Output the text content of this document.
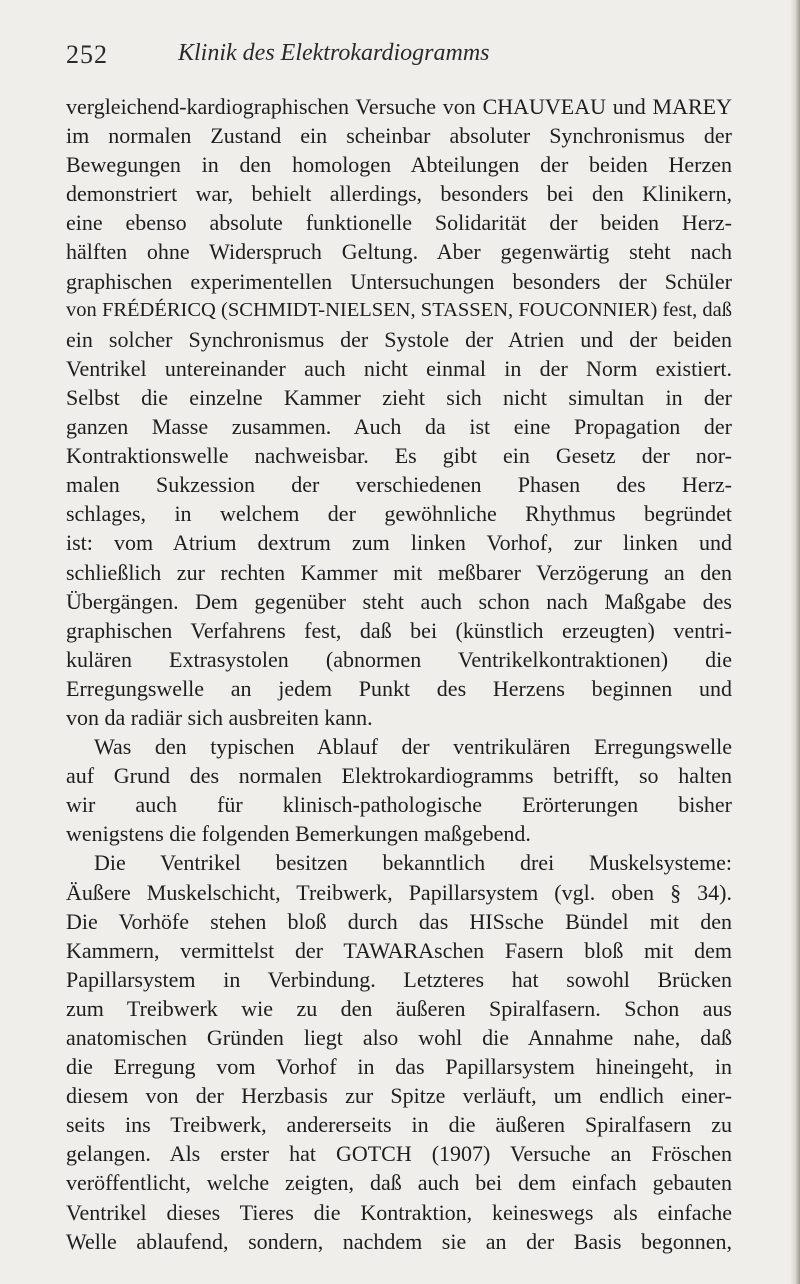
252	Klinik des Elektrokardiogramms
vergleichend-kardiographischen Versuche von CHAUVEAU und MAREY
im normalen Zustand ein scheinbar absoluter Synchronismus der
Bewegungen in den homologen Abteilungen der beiden Herzen
demonstriert war, behielt allerdings, besonders bei den Klinikern,
eine ebenso absolute funktionelle Solidarität der beiden Herz-
hälften ohne Widerspruch Geltung. Aber gegenwärtig steht nach
graphischen experimentellen Untersuchungen besonders der Schüler
von FRÉDÉRICQ (SCHMIDT-NIELSEN, STASSEN, FOUCONNIER) fest, daß
ein solcher Synchronismus der Systole der Atrien und der beiden
Ventrikel untereinander auch nicht einmal in der Norm existiert.
Selbst die einzelne Kammer zieht sich nicht simultan in der
ganzen Masse zusammen. Auch da ist eine Propagation der
Kontraktionswelle nachweisbar. Es gibt ein Gesetz der nor-
malen Sukzession der verschiedenen Phasen des Herz-
schlages, in welchem der gewöhnliche Rhythmus begründet
ist: vom Atrium dextrum zum linken Vorhof, zur linken und
schließlich zur rechten Kammer mit meßbarer Verzögerung an den
Übergängen. Dem gegenüber steht auch schon nach Maßgabe des
graphischen Verfahrens fest, daß bei (künstlich erzeugten) ventri-
kulären Extrasystolen (abnormen Ventrikelkontraktionen) die
Erregungswelle an jedem Punkt des Herzens beginnen und
von da radiär sich ausbreiten kann.
Was den typischen Ablauf der ventrikulären Erregungswelle
auf Grund des normalen Elektrokardiogramms betrifft, so halten
wir auch für klinisch-pathologische Erörterungen bisher
wenigstens die folgenden Bemerkungen maßgebend.
Die Ventrikel besitzen bekanntlich drei Muskelsysteme:
Äußere Muskelschicht, Treibwerk, Papillarsystem (vgl. oben § 34).
Die Vorhöfe stehen bloß durch das HISsche Bündel mit den
Kammern, vermittelst der TAWARAschen Fasern bloß mit dem
Papillarsystem in Verbindung. Letzteres hat sowohl Brücken
zum Treibwerk wie zu den äußeren Spiralfasern. Schon aus
anatomischen Gründen liegt also wohl die Annahme nahe, daß
die Erregung vom Vorhof in das Papillarsystem hineingeht, in
diesem von der Herzbasis zur Spitze verläuft, um endlich einer-
seits ins Treibwerk, andererseits in die äußeren Spiralfasern zu
gelangen. Als erster hat GOTCH (1907) Versuche an Fröschen
veröffentlicht, welche zeigten, daß auch bei dem einfach gebauten
Ventrikel dieses Tieres die Kontraktion, keineswegs als einfache
Welle ablaufend, sondern, nachdem sie an der Basis begonnen,
